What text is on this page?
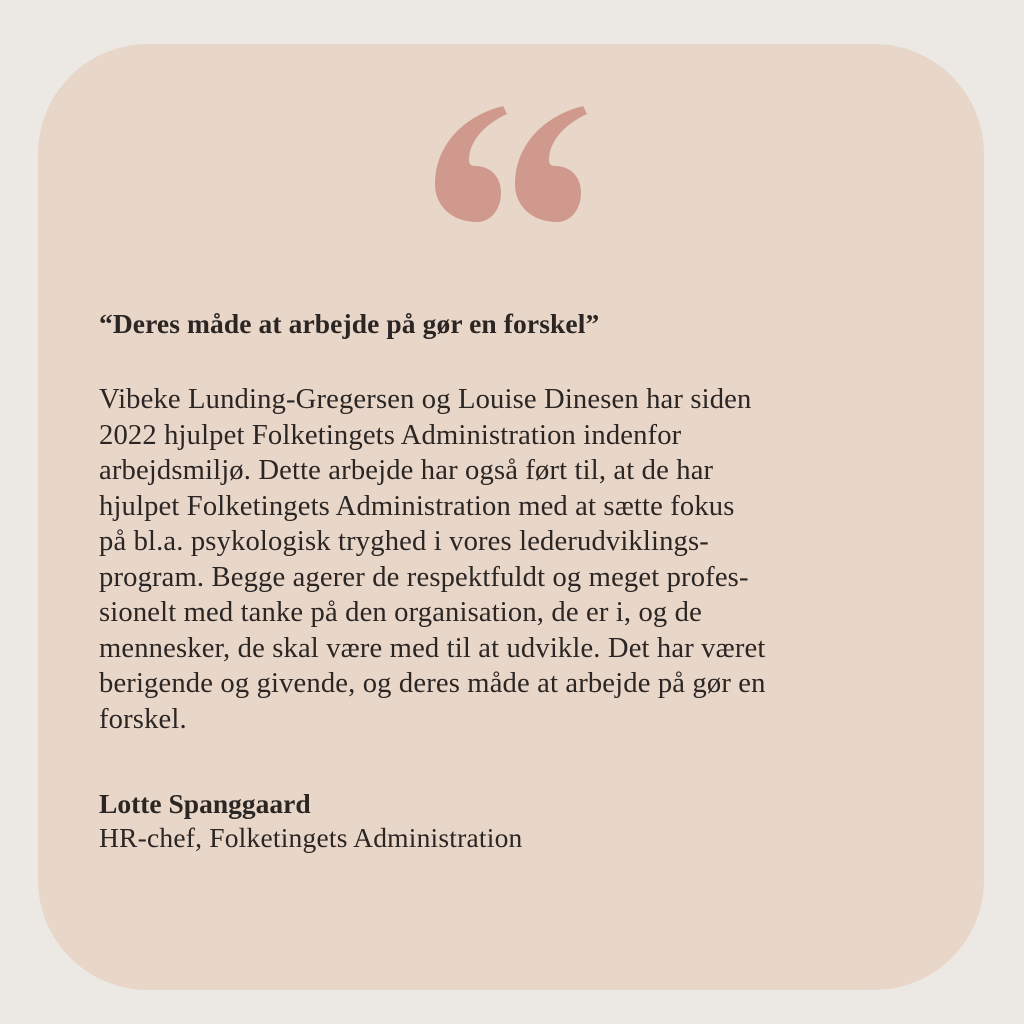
“Deres måde at arbejde på gør en forskel”

Vibeke Lunding-Gregersen og Louise Dinesen har siden
2022 hjulpet Folketingets Administration indenfor
arbejdsmiljø. Dette arbejde har også ført til, at de har
hjulpet Folketingets Administration med at sætte fokus
på bl.a. psykologisk tryghed i vores lederudviklings-
program. Begge agerer de respektfuldt og meget profes-
sionelt med tanke på den organisation, de er i, og de
mennesker, de skal være med til at udvikle. Det har været
berigende og givende, og deres måde at arbejde på gør en
forskel.

Lotte Spanggaard

HR-chef, Folketingets Administration
